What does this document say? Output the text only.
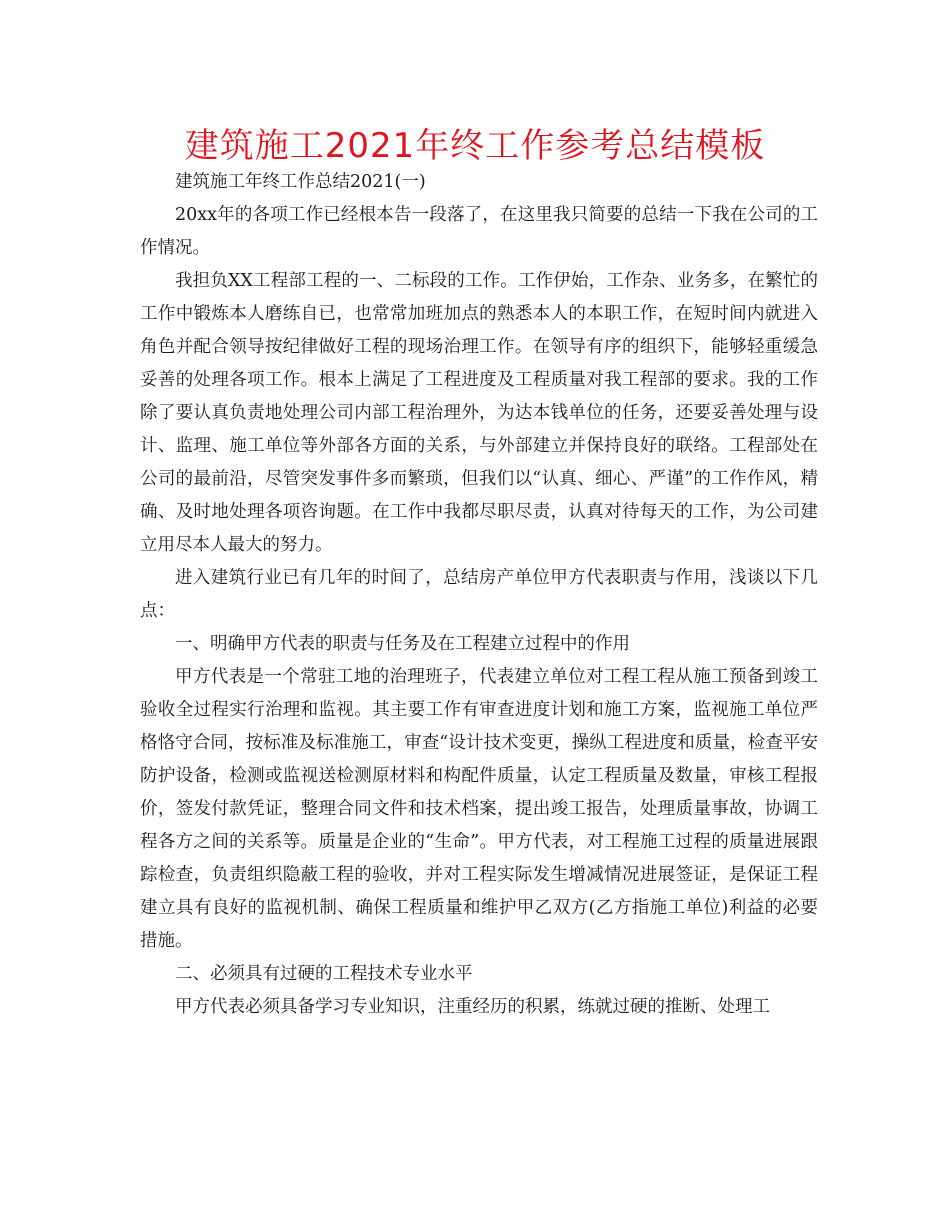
建筑施工2021年终工作参考总结模板

建筑施工年终工作总结2021(一)

20xx年的各项工作已经根本告一段落了，在这里我只简要的总结一下我在公司的工作情况。

我担负XX工程部工程的一、二标段的工作。工作伊始，工作杂、业务多，在繁忙的工作中锻炼本人磨练自已，也常常加班加点的熟悉本人的本职工作，在短时间内就进入角色并配合领导按纪律做好工程的现场治理工作。在领导有序的组织下，能够轻重缓急妥善的处理各项工作。根本上满足了工程进度及工程质量对我工程部的要求。我的工作除了要认真负责地处理公司内部工程治理外，为达本钱单位的任务，还要妥善处理与设计、监理、施工单位等外部各方面的关系，与外部建立并保持良好的联络。工程部处在公司的最前沿，尽管突发事件多而繁琐，但我们以“认真、细心、严谨”的工作作风，精确、及时地处理各项咨询题。在工作中我都尽职尽责，认真对待每天的工作，为公司建立用尽本人最大的努力。

进入建筑行业已有几年的时间了，总结房产单位甲方代表职责与作用，浅谈以下几点：

一、明确甲方代表的职责与任务及在工程建立过程中的作用

甲方代表是一个常驻工地的治理班子，代表建立单位对工程工程从施工预备到竣工验收全过程实行治理和监视。其主要工作有审查进度计划和施工方案，监视施工单位严格恪守合同，按标准及标准施工，审查“设计技术变更，操纵工程进度和质量，检查平安防护设备，检测或监视送检测原材料和构配件质量，认定工程质量及数量，审核工程报价，签发付款凭证，整理合同文件和技术档案，提出竣工报告，处理质量事故，协调工程各方之间的关系等。质量是企业的“生命”。甲方代表，对工程施工过程的质量进展跟踪检查，负责组织隐蔽工程的验收，并对工程实际发生增减情况进展签证，是保证工程建立具有良好的监视机制、确保工程质量和维护甲乙双方(乙方指施工单位)利益的必要措施。

二、必须具有过硬的工程技术专业水平

甲方代表必须具备学习专业知识，注重经历的积累，练就过硬的推断、处理工
